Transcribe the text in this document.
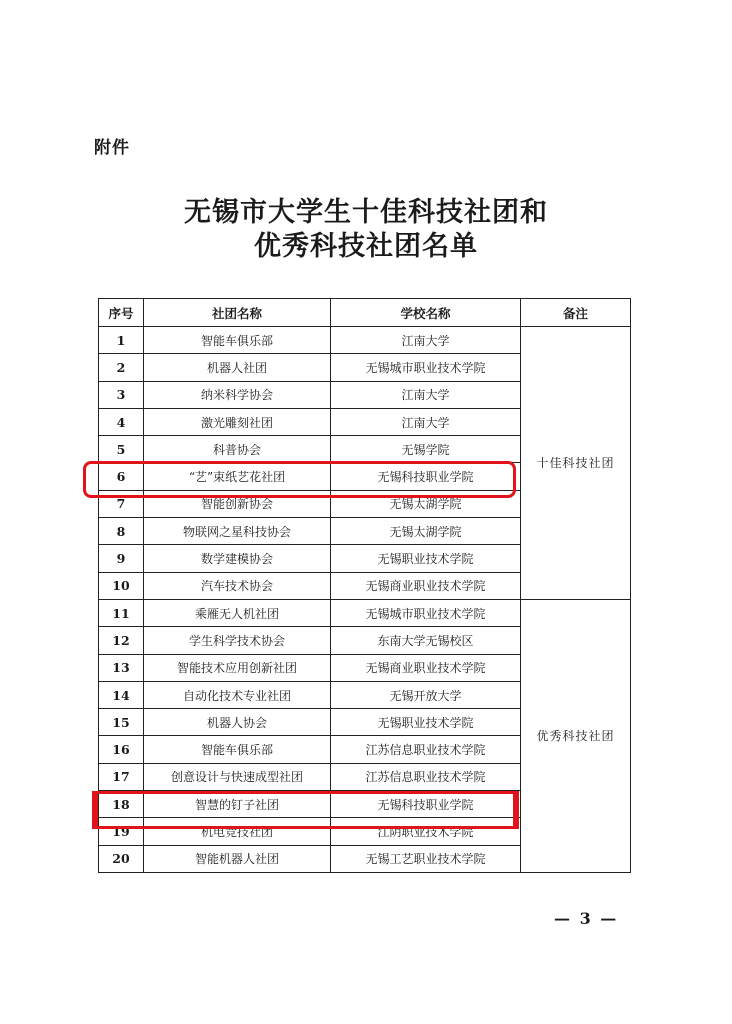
附件
无锡市大学生十佳科技社团和
优秀科技社团名单
序号	社团名称	学校名称	备注
1	智能车俱乐部	江南大学	十佳科技社团
2	机器人社团	无锡城市职业技术学院	
3	纳米科学协会	江南大学	
4	激光雕刻社团	江南大学	
5	科普协会	无锡学院	
6	“艺”束纸艺花社团	无锡科技职业学院	
7	智能创新协会	无锡太湖学院	
8	物联网之星科技协会	无锡太湖学院	
9	数学建模协会	无锡职业技术学院	
10	汽车技术协会	无锡商业职业技术学院	
11	乘雁无人机社团	无锡城市职业技术学院	优秀科技社团
12	学生科学技术协会	东南大学无锡校区	
13	智能技术应用创新社团	无锡商业职业技术学院	
14	自动化技术专业社团	无锡开放大学	
15	机器人协会	无锡职业技术学院	
16	智能车俱乐部	江苏信息职业技术学院	
17	创意设计与快速成型社团	江苏信息职业技术学院	
18	智慧的钉子社团	无锡科技职业学院	
19	机电竞技社团	江阴职业技术学院	
20	智能机器人社团	无锡工艺职业技术学院	
— 3 —
